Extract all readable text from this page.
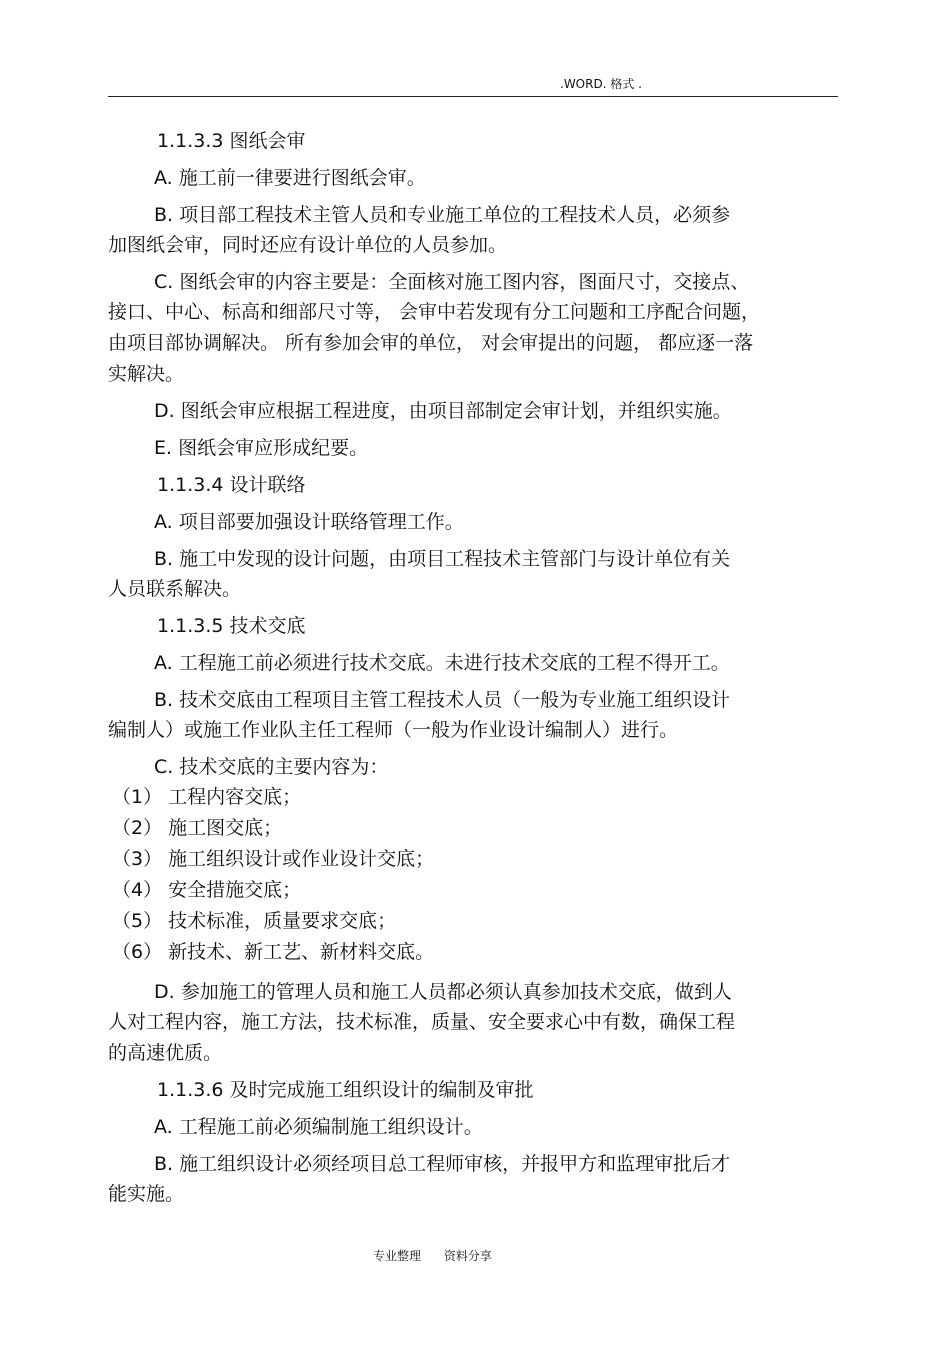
.WORD. 格式 .
1.1.3.3 图纸会审
A. 施工前一律要进行图纸会审。
B. 项目部工程技术主管人员和专业施工单位的工程技术人员，必须参
加图纸会审，同时还应有设计单位的人员参加。
C. 图纸会审的内容主要是：全面核对施工图内容，图面尺寸，交接点、
接口、中心、标高和细部尺寸等， 会审中若发现有分工问题和工序配合问题，
由项目部协调解决。 所有参加会审的单位， 对会审提出的问题， 都应逐一落
实解决。
D. 图纸会审应根据工程进度，由项目部制定会审计划，并组织实施。
E. 图纸会审应形成纪要。
1.1.3.4 设计联络
A. 项目部要加强设计联络管理工作。
B. 施工中发现的设计问题，由项目工程技术主管部门与设计单位有关
人员联系解决。
1.1.3.5 技术交底
A. 工程施工前必须进行技术交底。未进行技术交底的工程不得开工。
B. 技术交底由工程项目主管工程技术人员（一般为专业施工组织设计
编制人）或施工作业队主任工程师（一般为作业设计编制人）进行。
C. 技术交底的主要内容为：
（1） 工程内容交底；
（2） 施工图交底；
（3） 施工组织设计或作业设计交底；
（4） 安全措施交底；
（5） 技术标准，质量要求交底；
（6） 新技术、新工艺、新材料交底。
D. 参加施工的管理人员和施工人员都必须认真参加技术交底，做到人
人对工程内容，施工方法，技术标准，质量、安全要求心中有数，确保工程
的高速优质。
1.1.3.6 及时完成施工组织设计的编制及审批
A. 工程施工前必须编制施工组织设计。
B. 施工组织设计必须经项目总工程师审核，并报甲方和监理审批后才
能实施。
专业整理      资料分享
